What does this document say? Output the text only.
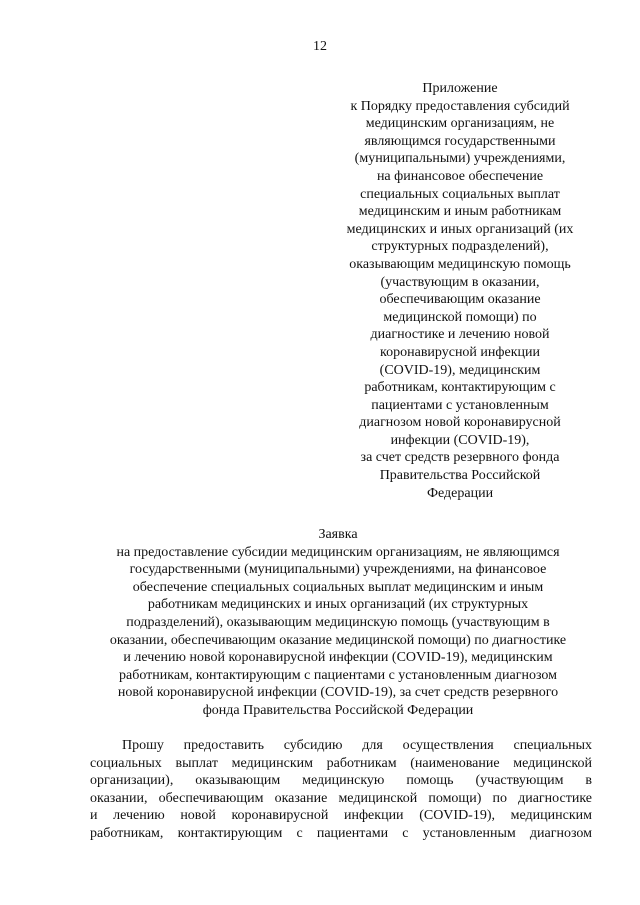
12
Приложение
к Порядку предоставления субсидий
медицинским организациям, не
являющимся государственными
(муниципальными) учреждениями,
на финансовое обеспечение
специальных социальных выплат
медицинским и иным работникам
медицинских и иных организаций (их
структурных подразделений),
оказывающим медицинскую помощь
(участвующим в оказании,
обеспечивающим оказание
медицинской помощи) по
диагностике и лечению новой
коронавирусной инфекции
(COVID-19), медицинским
работникам, контактирующим с
пациентами с установленным
диагнозом новой коронавирусной
инфекции (COVID-19),
за счет средств резервного фонда
Правительства Российской
Федерации
Заявка
на предоставление субсидии медицинским организациям, не являющимся
государственными (муниципальными) учреждениями, на финансовое
обеспечение специальных социальных выплат медицинским и иным
работникам медицинских и иных организаций (их структурных
подразделений), оказывающим медицинскую помощь (участвующим в
оказании, обеспечивающим оказание медицинской помощи) по диагностике
и лечению новой коронавирусной инфекции (COVID-19), медицинским
работникам, контактирующим с пациентами с установленным диагнозом
новой коронавирусной инфекции (COVID-19), за счет средств резервного
фонда Правительства Российской Федерации
Прошу предоставить субсидию для осуществления специальных
социальных выплат медицинским работникам (наименование медицинской
организации), оказывающим медицинскую помощь (участвующим в
оказании, обеспечивающим оказание медицинской помощи) по диагностике
и лечению новой коронавирусной инфекции (COVID-19), медицинским
работникам, контактирующим с пациентами с установленным диагнозом
